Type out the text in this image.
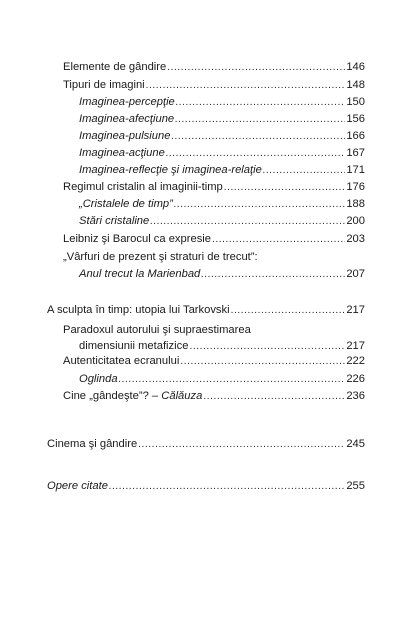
Elemente de gândire .....	146
Tipuri de imagini .....	148
Imaginea-percepţie .....	150
Imaginea-afecţiune .....	156
Imaginea-pulsiune .....	166
Imaginea-acţiune .....	167
Imaginea-reflecţie şi imaginea-relaţie .....	171
Regimul cristalin al imaginii-timp .....	176
„Cristalele de timp” .....	188
Stări cristaline .....	200
Leibniz şi Barocul ca expresie .....	203
„Vârfuri de prezent şi straturi de trecut”:
Anul trecut la Marienbad .....	207
A sculpta în timp: utopia lui Tarkovski .....	217
Paradoxul autorului şi supraestimarea
dimensiunii metafizice .....	217
Autenticitatea ecranului .....	222
Oglinda .....	226
Cine „gândeşte”? – Călăuza .....	236
Cinema şi gândire .....	245
Opere citate .....	255
